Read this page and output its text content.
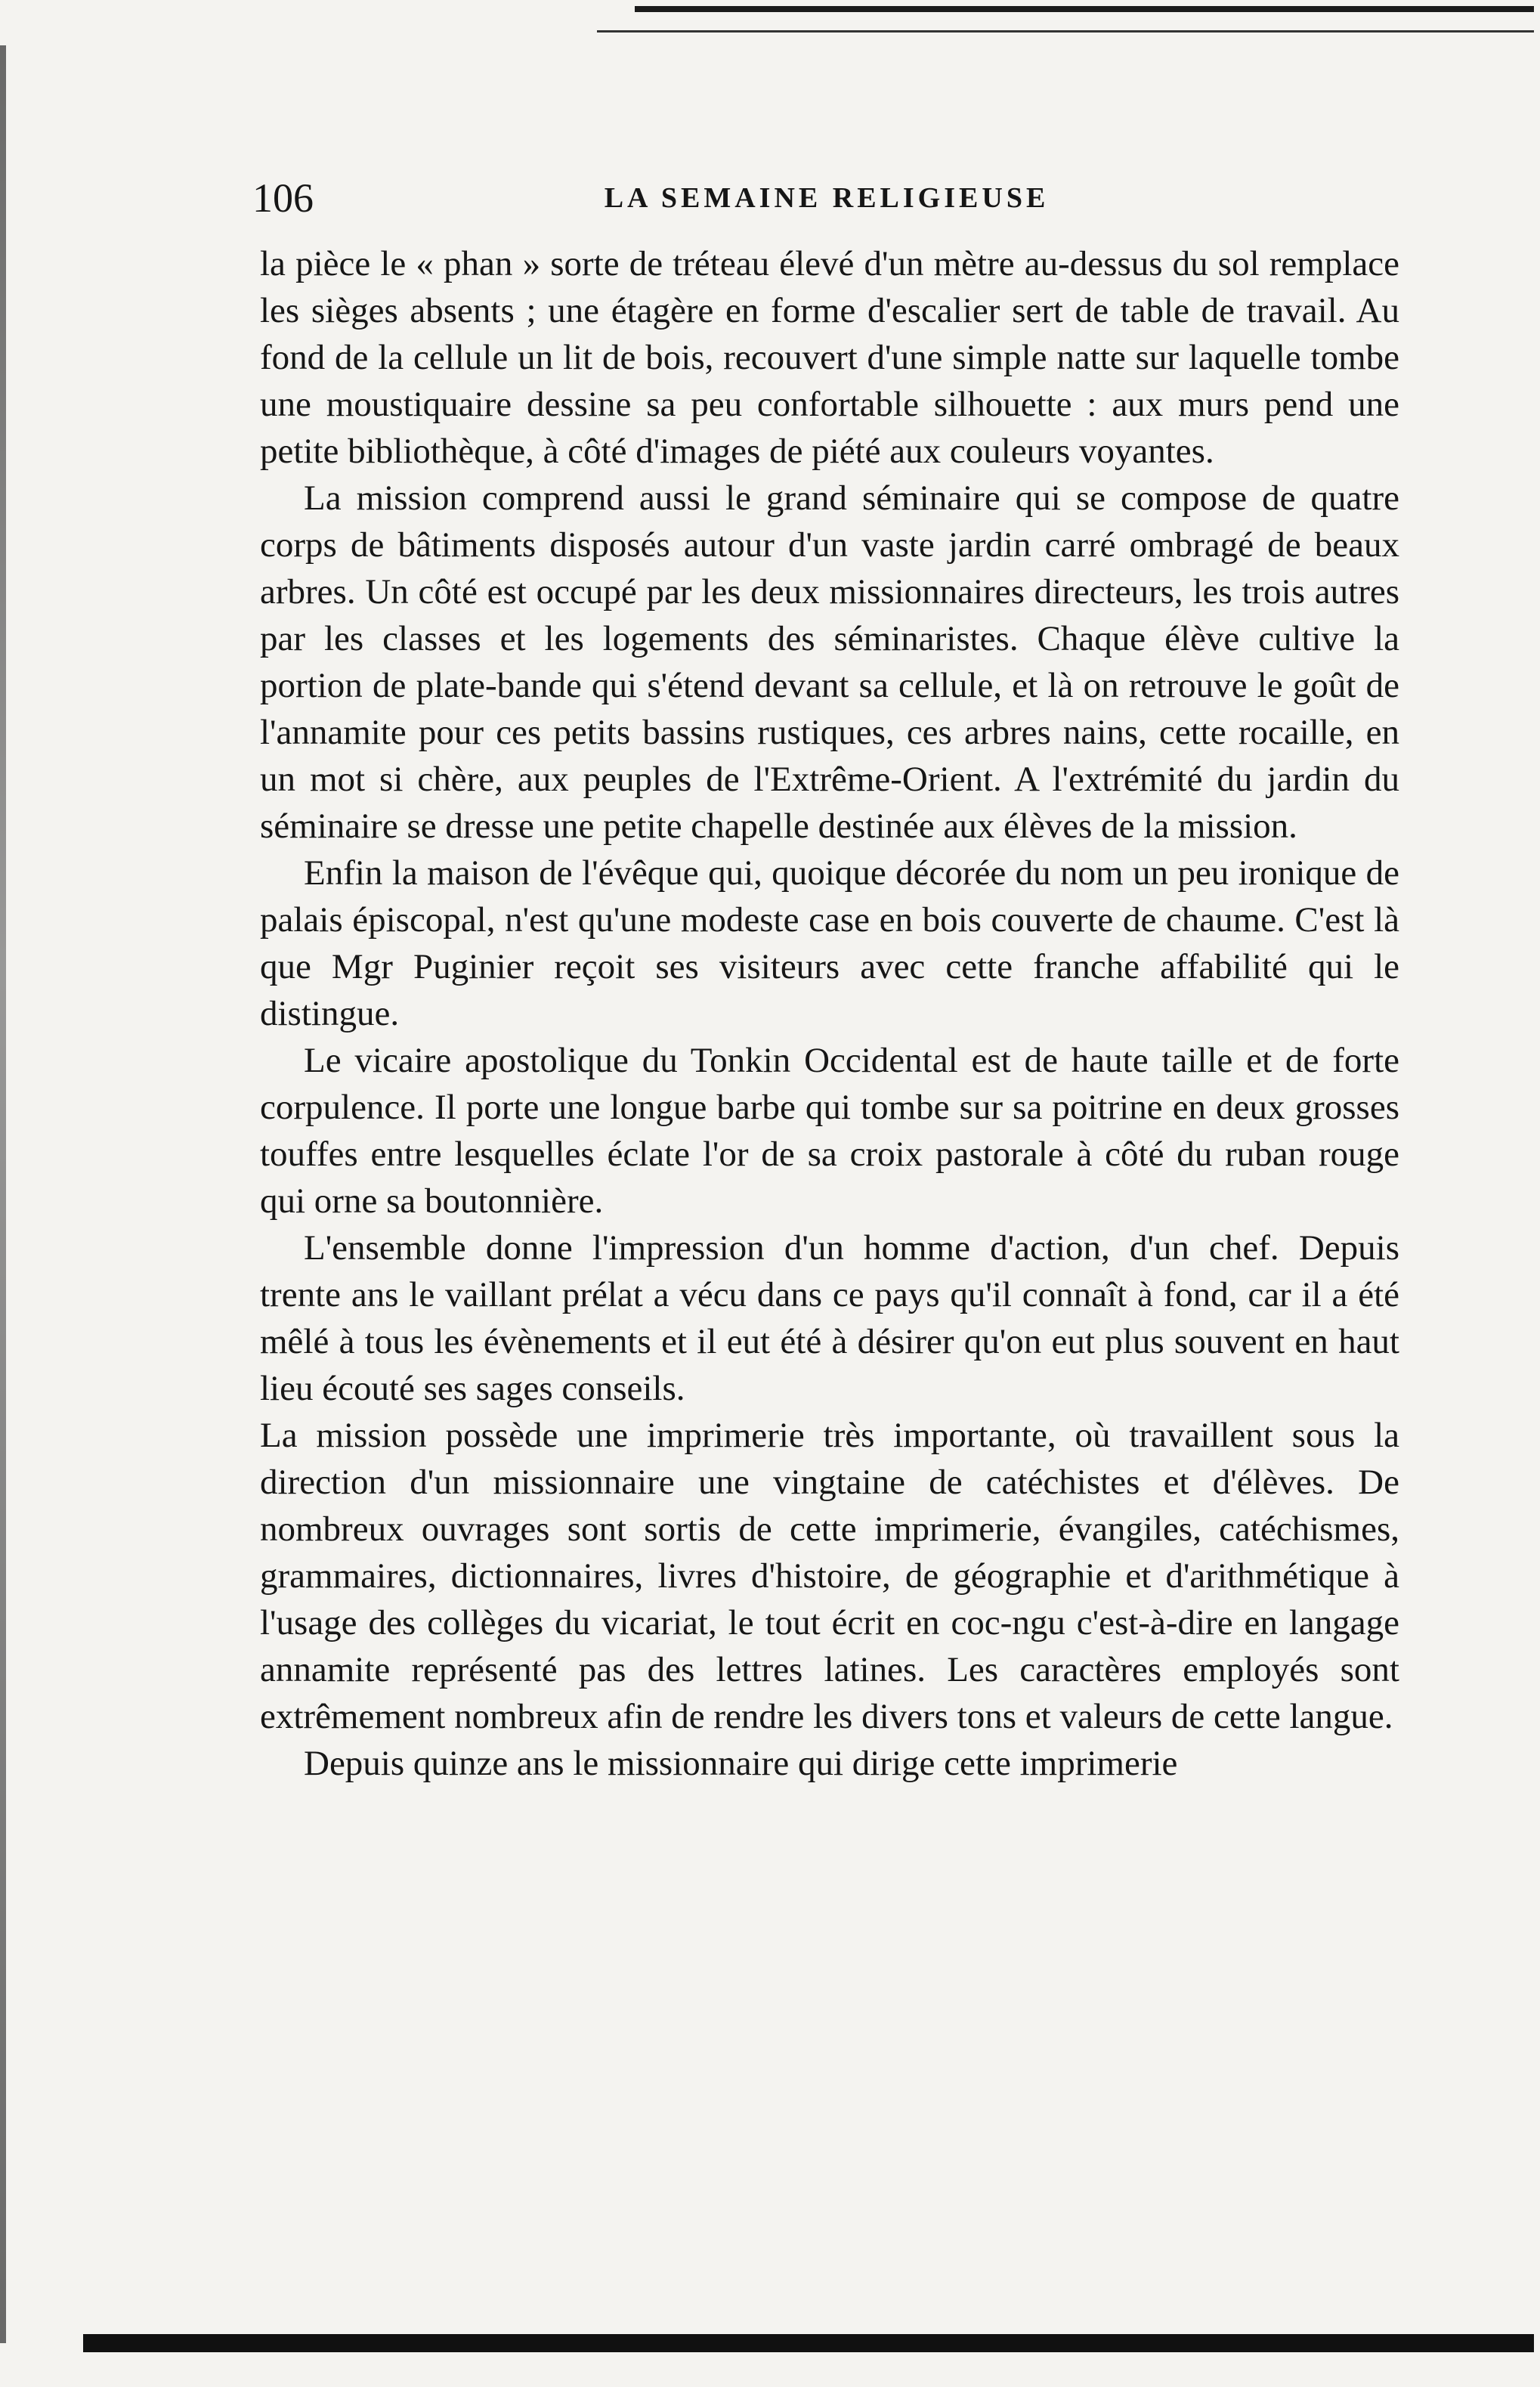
106	LA SEMAINE RELIGIEUSE

la pièce le « phan » sorte de tréteau élevé d'un mètre au-dessus du sol remplace les sièges absents ; une étagère en forme d'escalier sert de table de travail. Au fond de la cellule un lit de bois, recouvert d'une simple natte sur laquelle tombe une moustiquaire dessine sa peu confortable silhouette : aux murs pend une petite bibliothèque, à côté d'images de piété aux couleurs voyantes.

La mission comprend aussi le grand séminaire qui se compose de quatre corps de bâtiments disposés autour d'un vaste jardin carré ombragé de beaux arbres. Un côté est occupé par les deux missionnaires directeurs, les trois autres par les classes et les logements des séminaristes. Chaque élève cultive la portion de plate-bande qui s'étend devant sa cellule, et là on retrouve le goût de l'annamite pour ces petits bassins rustiques, ces arbres nains, cette rocaille, en un mot si chère, aux peuples de l'Extrême-Orient. A l'extrémité du jardin du séminaire se dresse une petite chapelle destinée aux élèves de la mission.

Enfin la maison de l'évêque qui, quoique décorée du nom un peu ironique de palais épiscopal, n'est qu'une modeste case en bois couverte de chaume. C'est là que Mgr Puginier reçoit ses visiteurs avec cette franche affabilité qui le distingue.

Le vicaire apostolique du Tonkin Occidental est de haute taille et de forte corpulence. Il porte une longue barbe qui tombe sur sa poitrine en deux grosses touffes entre lesquelles éclate l'or de sa croix pastorale à côté du ruban rouge qui orne sa boutonnière.

L'ensemble donne l'impression d'un homme d'action, d'un chef. Depuis trente ans le vaillant prélat a vécu dans ce pays qu'il connaît à fond, car il a été mêlé à tous les évènements et il eut été à désirer qu'on eut plus souvent en haut lieu écouté ses sages conseils.

La mission possède une imprimerie très importante, où travaillent sous la direction d'un missionnaire une vingtaine de catéchistes et d'élèves. De nombreux ouvrages sont sortis de cette imprimerie, évangiles, catéchismes, grammaires, dictionnaires, livres d'histoire, de géographie et d'arithmétique à l'usage des collèges du vicariat, le tout écrit en coc-ngu c'est-à-dire en langage annamite représenté pas des lettres latines. Les caractères employés sont extrêmement nombreux afin de rendre les divers tons et valeurs de cette langue.

Depuis quinze ans le missionnaire qui dirige cette imprimerie
